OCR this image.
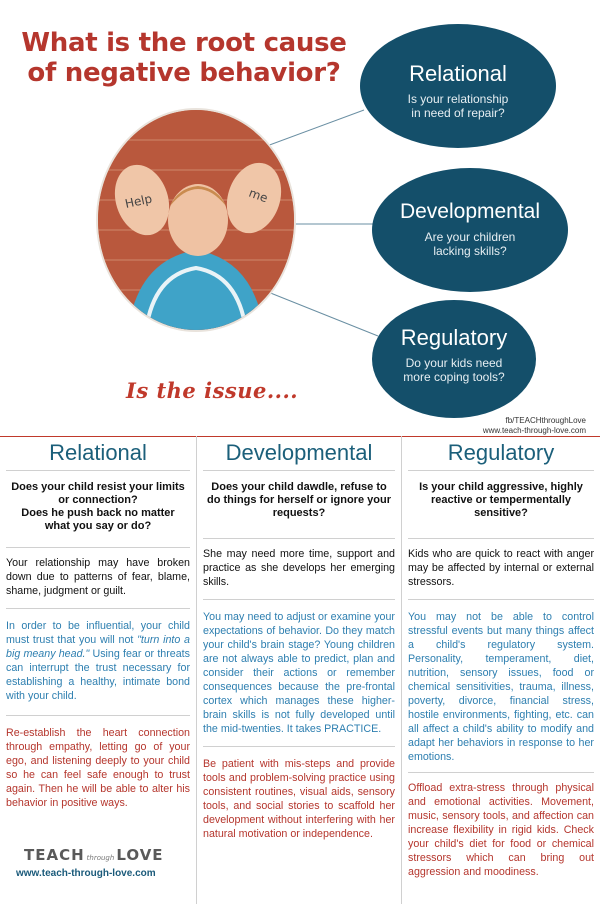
What is the root cause
of negative behavior?
Help	me
Relational
Is your relationship
in need of repair?
Developmental
Are your children
lacking skills?
Regulatory
Do your kids need
more coping tools?
Is the issue....
fb/TEACHthroughLove
www.teach-through-love.com
Relational
Does your child resist your limits or connection?
Does he push back no matter what you say or do?

Your relationship may have broken down due to patterns of fear, blame, shame, judgment or guilt.

In order to be influential, your child must trust that you will not "turn into a big meany head." Using fear or threats can interrupt the trust necessary for establishing a healthy, intimate bond with your child.

Re-establish the heart connection through empathy, letting go of your ego, and listening deeply to your child so he can feel safe enough to trust again. Then he will be able to alter his behavior in positive ways.

Developmental
Does your child dawdle, refuse to do things for herself or ignore your requests?

She may need more time, support and practice as she develops her emerging skills.

You may need to adjust or examine your expectations of behavior. Do they match your child's brain stage? Young children are not always able to predict, plan and consider their actions or remember consequences because the pre-frontal cortex which manages these higher-brain skills is not fully developed until the mid-twenties. It takes PRACTICE.

Be patient with mis-steps and provide tools and problem-solving practice using consistent routines, visual aids, sensory tools, and social stories to scaffold her development without interfering with her natural motivation or independence.

Regulatory
Is your child aggressive, highly reactive or tempermentally sensitive?

Kids who are quick to react with anger may be affected by internal or external stressors.

You may not be able to control stressful events but many things affect a child's regulatory system. Personality, temperament, diet, nutrition, sensory issues, food or chemical sensitivities, trauma, illness, poverty, divorce, financial stress, hostile environments, fighting, etc. can all affect a child's ability to modify and adapt her behaviors in response to her emotions.

Offload extra-stress through physical and emotional activities. Movement, music, sensory tools, and affection can increase flexibility in rigid kids. Check your child's diet for food or chemical stressors which can bring out aggression and moodiness.

TEACH through LOVE
www.teach-through-love.com
